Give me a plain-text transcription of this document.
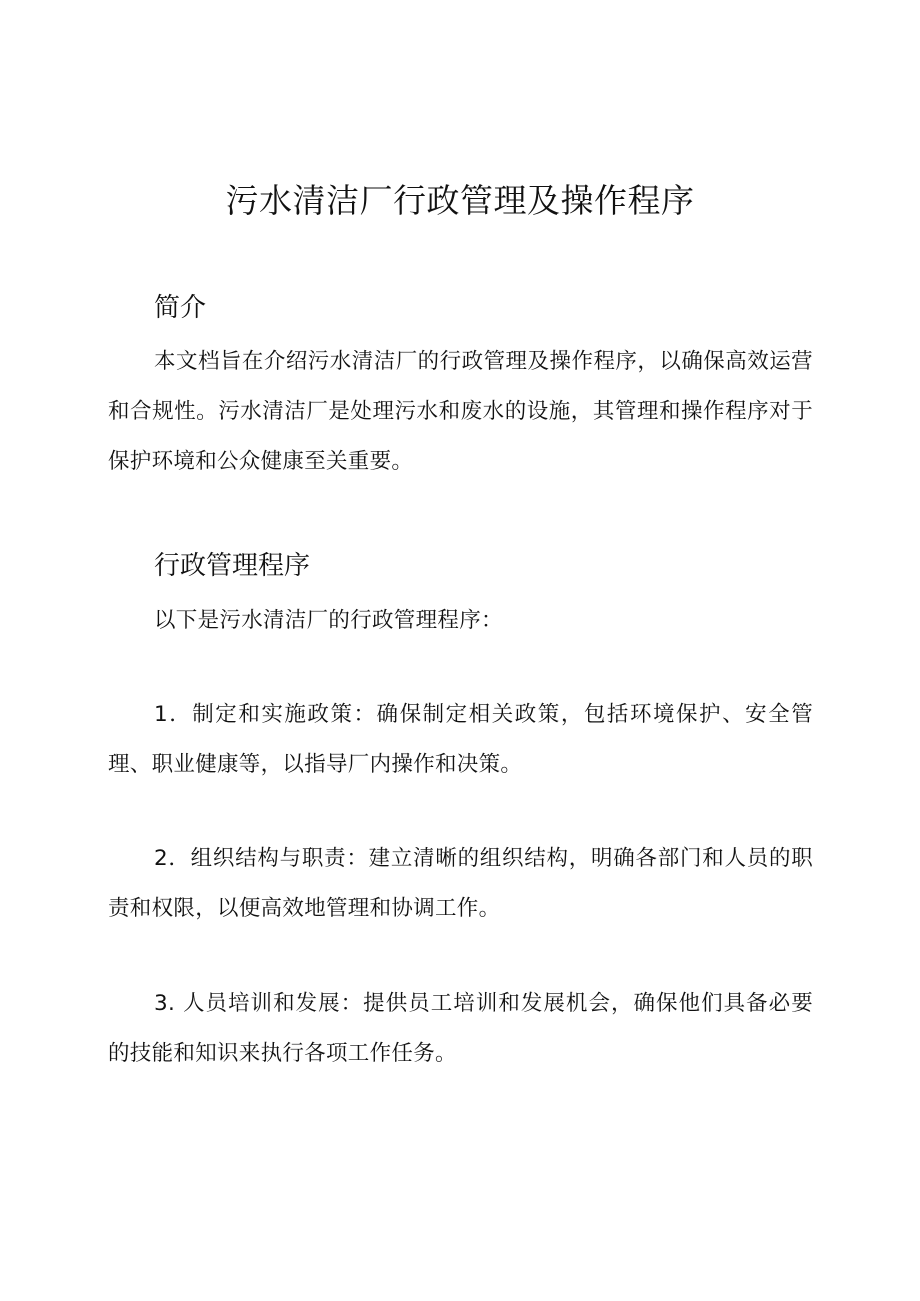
污水清洁厂行政管理及操作程序
简介

本文档旨在介绍污水清洁厂的行政管理及操作程序，以确保高效运营和合规性。污水清洁厂是处理污水和废水的设施，其管理和操作程序对于保护环境和公众健康至关重要。

行政管理程序

以下是污水清洁厂的行政管理程序：

1．制定和实施政策：确保制定相关政策，包括环境保护、安全管理、职业健康等，以指导厂内操作和决策。

2．组织结构与职责：建立清晰的组织结构，明确各部门和人员的职责和权限，以便高效地管理和协调工作。

3. 人员培训和发展：提供员工培训和发展机会，确保他们具备必要的技能和知识来执行各项工作任务。
